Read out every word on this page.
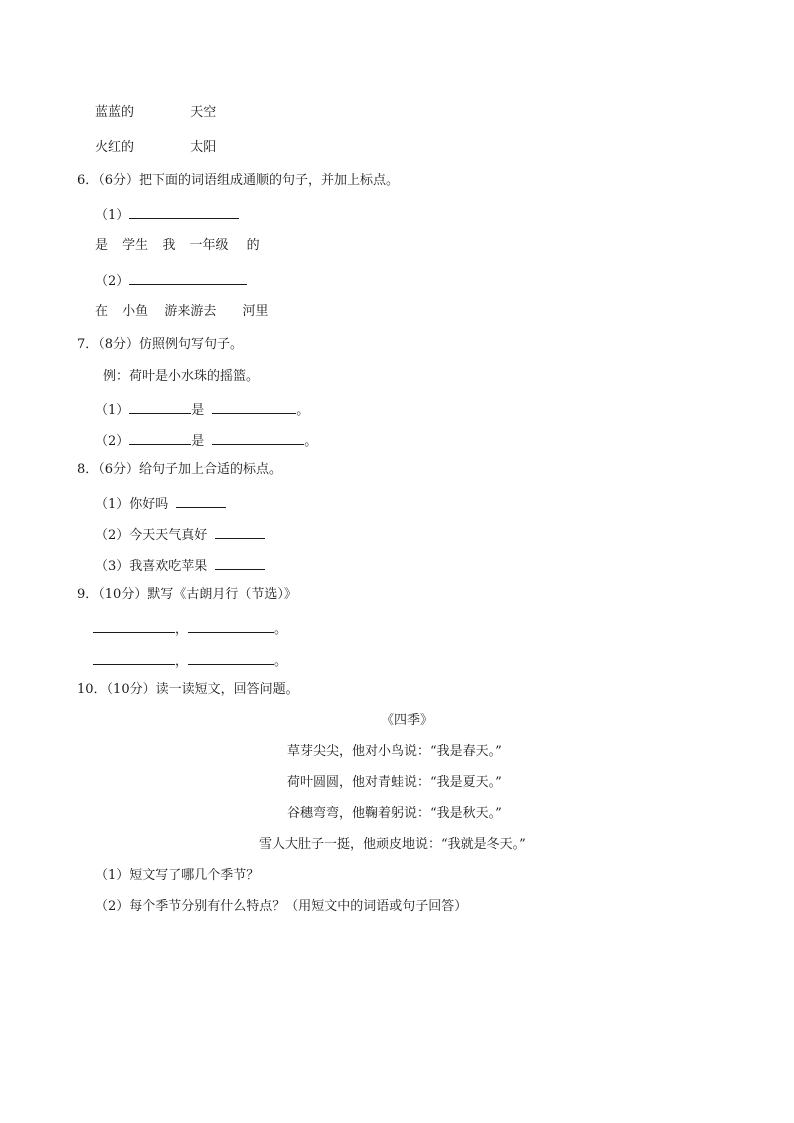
蓝蓝的	天空
火红的	太阳
6．（6分）把下面的词语组成通顺的句子，并加上标点。
（1）
是 学生 我 一年级 的
（2）
在 小鱼 游来游去 河里
7．（8分）仿照例句写句子。
例：荷叶是小水珠的摇篮。
（1）	是	。
（2）	是	。
8．（6分）给句子加上合适的标点。
（1）你好吗
（2）今天天气真好
（3）我喜欢吃苹果
9．（10分）默写《古朗月行（节选）》
，	。
，	。
10．（10分）读一读短文，回答问题。
《四季》
草芽尖尖，他对小鸟说：“我是春天。”
荷叶圆圆，他对青蛙说：“我是夏天。”
谷穗弯弯，他鞠着躬说：“我是秋天。”
雪人大肚子一挺，他顽皮地说：“我就是冬天。”
（1）短文写了哪几个季节？
（2）每个季节分别有什么特点？（用短文中的词语或句子回答）
